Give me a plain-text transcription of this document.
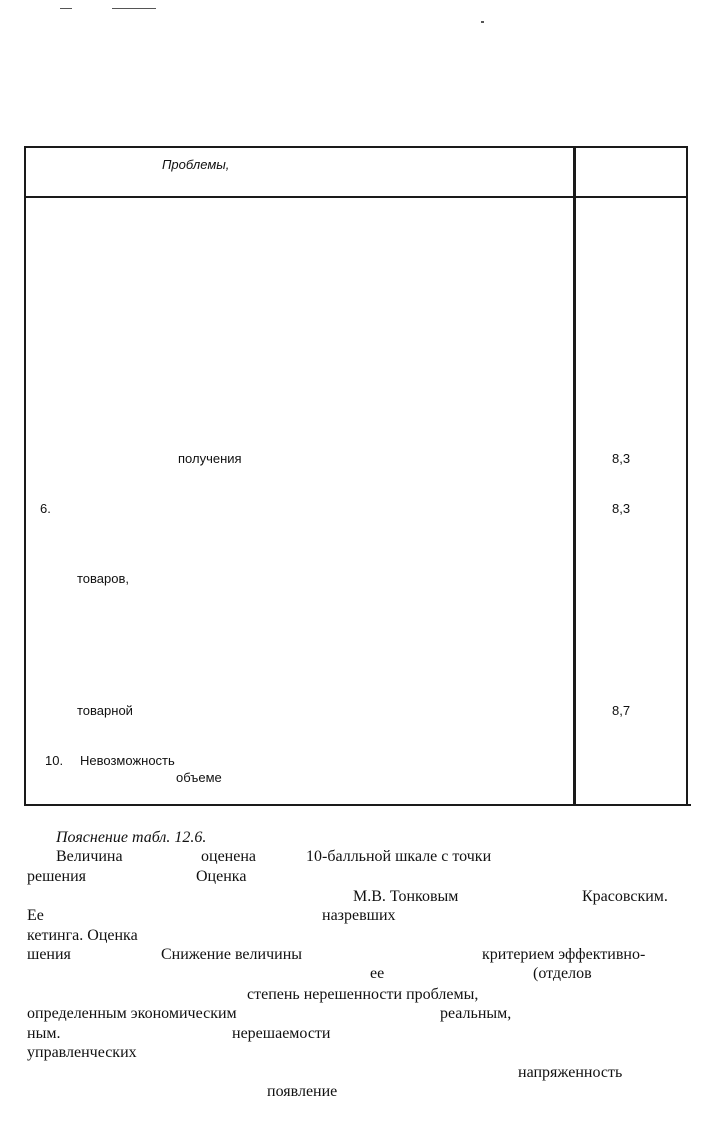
Проблемы,
получения	8,3
6.	8,3
товаров,
товарной	8,7
10. Невозможность
объеме
Пояснение табл. 12.6.
Величина	оценена	10-балльной шкале с точки
решения	Оценка
М.В. Тонковым	Красовским.
Ее	назревших
кетинга. Оценка
шения	Снижение величины	критерием эффективно-
ее	(отделов
степень нерешенности проблемы,
определенным экономическим	реальным,
ным.	нерешаемости
управленческих
напряженность
появление
